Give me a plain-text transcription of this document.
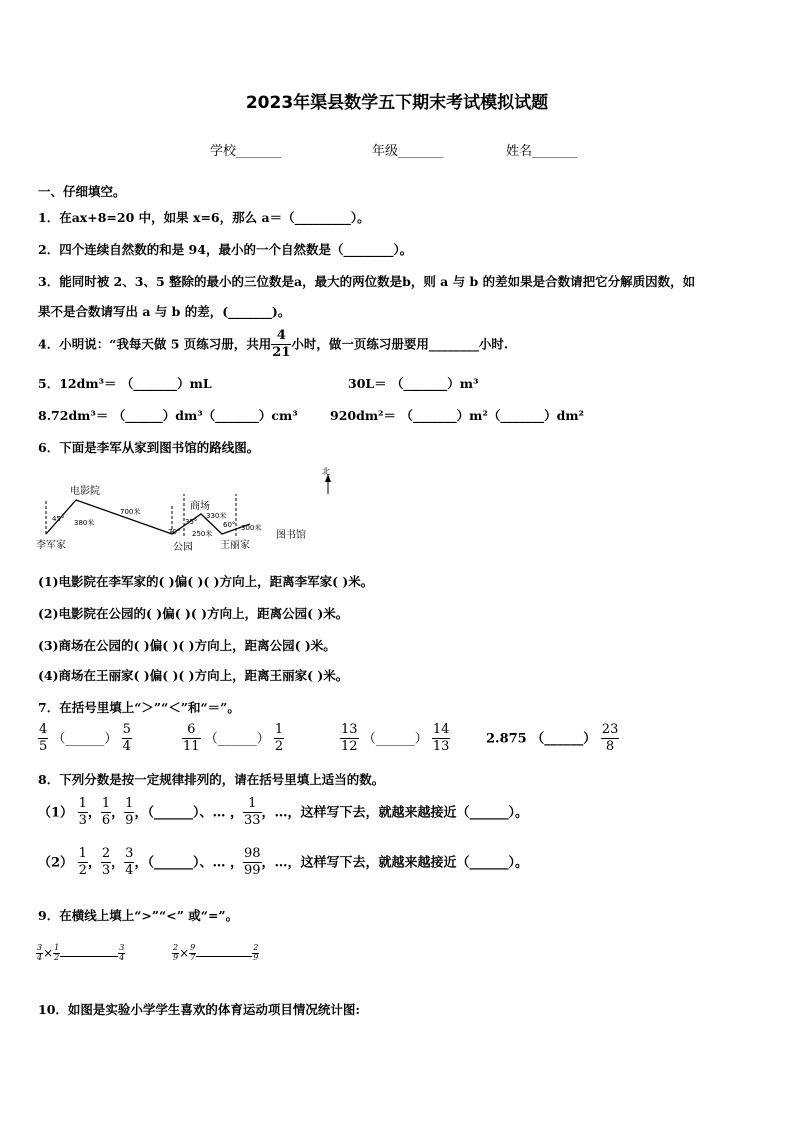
2023年渠县数学五下期末考试模拟试题
学校_______	年级_______	姓名_______
一、仔细填空。
1．在ax+8=20 中，如果 x=6，那么 a＝（_________）。
2．四个连续自然数的和是 94，最小的一个自然数是（________）。
3．能同时被 2、3、5 整除的最小的三位数是a，最大的两位数是b，则 a 与 b 的差如果是合数请把它分解质因数，如
果不是合数请写出 a 与 b 的差，(_______)。
4．小明说：“我每天做 5 页练习册，共用 $\frac{4}{21}$ 小时，做一页练习册要用________小时.
5．12dm³＝ （_______）mL	30L＝ （_______）m³
8.72dm³＝ （______）dm³（_______）cm³	920dm²＝ （_______）m²（_______）dm²
6．下面是李军从家到图书馆的路线图。
北
电影院
李军家	公园
商场
王丽家
图书馆
45° 380米
700米
70°
35°
250米
330米
60° 300米
(1)电影院在李军家的( )偏( )( )方向上，距离李军家( )米。
(2)电影院在公园的( )偏( )( )方向上，距离公园( )米。
(3)商场在公园的( )偏( )( )方向上，距离公园( )米。
(4)商场在王丽家( )偏( )( )方向上，距离王丽家( )米。
7．在括号里填上“＞”“＜”和“＝”。
$\frac{4}{5}$ （______） $\frac{5}{4}$	$\frac{6}{11}$ （______） $\frac{1}{2}$	$\frac{13}{12}$ （______） $\frac{14}{13}$	2.875 （______） $\frac{23}{8}$
8．下列分数是按一定规律排列的，请在括号里填上适当的数。
$(1) \frac{1}{3}$ ， $\frac{1}{6}$ ， $\frac{1}{9}$ ，（______）、… ， $\frac{1}{33}$ ，…，这样写下去，就越来越接近（______）。
$(2) \frac{1}{2}$ ， $\frac{2}{3}$ ， $\frac{3}{4}$ ，（______）、… ， $\frac{98}{99}$ ，…，这样写下去，就越来越接近（______）。
9．在横线上填上“>”“<” 或“=”。
$\frac{3}{4} \times \frac{1}{2}$	$\frac{3}{4}$	$\frac{2}{9} \times \frac{9}{7}$	$\frac{2}{9}$
10．如图是实验小学学生喜欢的体育运动项目情况统计图:
